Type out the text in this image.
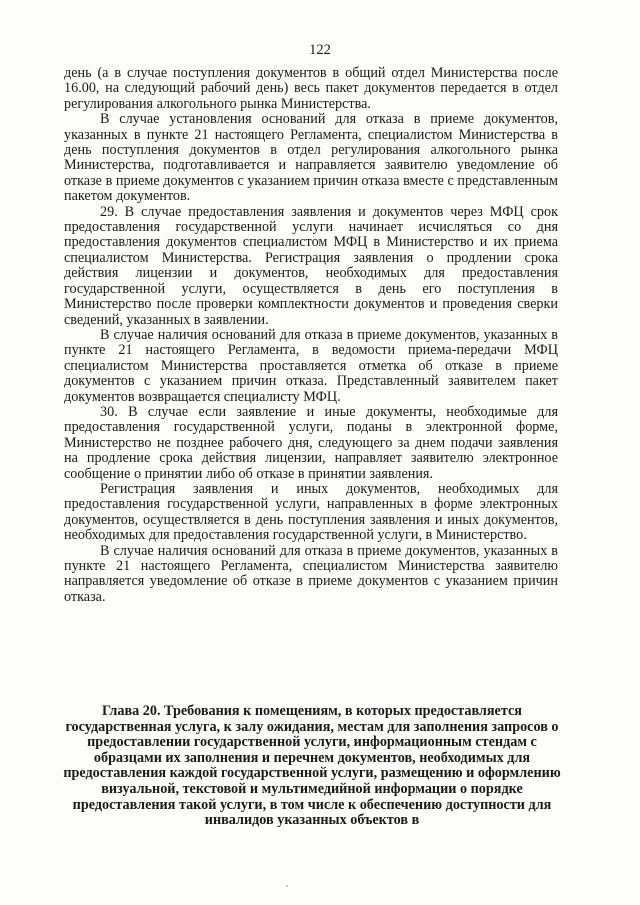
122

день (а в случае поступления документов в общий отдел Министерства после 16.00, на следующий рабочий день) весь пакет документов передается в отдел регулирования алкогольного рынка Министерства.

В случае установления оснований для отказа в приеме документов, указанных в пункте 21 настоящего Регламента, специалистом Министерства в день поступления документов в отдел регулирования алкогольного рынка Министерства, подготавливается и направляется заявителю уведомление об отказе в приеме документов с указанием причин отказа вместе с представленным пакетом документов.

29. В случае предоставления заявления и документов через МФЦ срок предоставления государственной услуги начинает исчисляться со дня предоставления документов специалистом МФЦ в Министерство и их приема специалистом Министерства. Регистрация заявления о продлении срока действия лицензии и документов, необходимых для предоставления государственной услуги, осуществляется в день его поступления в Министерство после проверки комплектности документов и проведения сверки сведений, указанных в заявлении.

В случае наличия оснований для отказа в приеме документов, указанных в пункте 21 настоящего Регламента, в ведомости приема-передачи МФЦ специалистом Министерства проставляется отметка об отказе в приеме документов с указанием причин отказа. Представленный заявителем пакет документов возвращается специалисту МФЦ.

30. В случае если заявление и иные документы, необходимые для предоставления государственной услуги, поданы в электронной форме, Министерство не позднее рабочего дня, следующего за днем подачи заявления на продление срока действия лицензии, направляет заявителю электронное сообщение о принятии либо об отказе в принятии заявления.

Регистрация заявления и иных документов, необходимых для предоставления государственной услуги, направленных в форме электронных документов, осуществляется в день поступления заявления и иных документов, необходимых для предоставления государственной услуги, в Министерство.

В случае наличия оснований для отказа в приеме документов, указанных в пункте 21 настоящего Регламента, специалистом Министерства заявителю направляется уведомление об отказе в приеме документов с указанием причин отказа.

Глава 20. Требования к помещениям, в которых предоставляется государственная услуга, к залу ожидания, местам для заполнения запросов о предоставлении государственной услуги, информационным стендам с образцами их заполнения и перечнем документов, необходимых для предоставления каждой государственной услуги, размещению и оформлению визуальной, текстовой и мультимедийной информации о порядке предоставления такой услуги, в том числе к обеспечению доступности для инвалидов указанных объектов в
